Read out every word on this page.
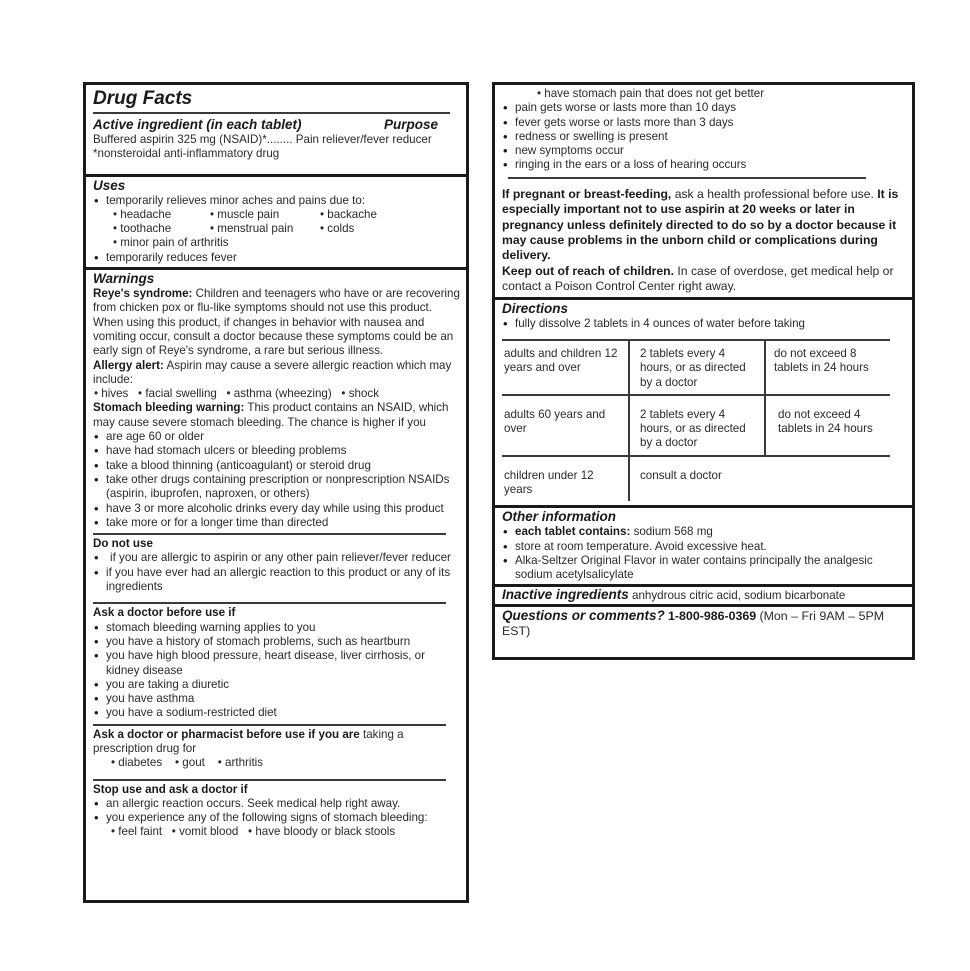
Drug Facts
Active ingredient (in each tablet)	Purpose
Buffered aspirin 325 mg (NSAID)*........ Pain reliever/fever reducer
*nonsteroidal anti-inflammatory drug
Uses
• temporarily relieves minor aches and pains due to:
• headache	• muscle pain	• backache
• toothache	• menstrual pain	• colds
• minor pain of arthritis
• temporarily reduces fever
Warnings
Reye's syndrome: Children and teenagers who have or are recovering from chicken pox or flu-like symptoms should not use this product. When using this product, if changes in behavior with nausea and vomiting occur, consult a doctor because these symptoms could be an early sign of Reye's syndrome, a rare but serious illness.
Allergy alert: Aspirin may cause a severe allergic reaction which may include:
• hives   • facial swelling   • asthma (wheezing)   • shock
Stomach bleeding warning: This product contains an NSAID, which may cause severe stomach bleeding. The chance is higher if you
• are age 60 or older
• have had stomach ulcers or bleeding problems
• take a blood thinning (anticoagulant) or steroid drug
• take other drugs containing prescription or nonprescription NSAIDs (aspirin, ibuprofen, naproxen, or others)
• have 3 or more alcoholic drinks every day while using this product
• take more or for a longer time than directed
Do not use
• if you are allergic to aspirin or any other pain reliever/fever reducer
• if you have ever had an allergic reaction to this product or any of its ingredients
Ask a doctor before use if
• stomach bleeding warning applies to you
• you have a history of stomach problems, such as heartburn
• you have high blood pressure, heart disease, liver cirrhosis, or kidney disease
• you are taking a diuretic
• you have asthma
• you have a sodium-restricted diet
Ask a doctor or pharmacist before use if you are taking a prescription drug for
• diabetes    • gout    • arthritis
Stop use and ask a doctor if
• an allergic reaction occurs. Seek medical help right away.
• you experience any of the following signs of stomach bleeding:
• feel faint   • vomit blood   • have bloody or black stools
• have stomach pain that does not get better
• pain gets worse or lasts more than 10 days
• fever gets worse or lasts more than 3 days
• redness or swelling is present
• new symptoms occur
• ringing in the ears or a loss of hearing occurs
If pregnant or breast-feeding, ask a health professional before use. It is especially important not to use aspirin at 20 weeks or later in pregnancy unless definitely directed to do so by a doctor because it may cause problems in the unborn child or complications during delivery.
Keep out of reach of children. In case of overdose, get medical help or contact a Poison Control Center right away.
Directions
• fully dissolve 2 tablets in 4 ounces of water before taking
adults and children 12 years and over	2 tablets every 4 hours, or as directed by a doctor	do not exceed 8 tablets in 24 hours
adults 60 years and over	2 tablets every 4 hours, or as directed by a doctor	do not exceed 4 tablets in 24 hours
children under 12 years	consult a doctor	
Other information
• each tablet contains: sodium 568 mg
• store at room temperature. Avoid excessive heat.
• Alka-Seltzer Original Flavor in water contains principally the analgesic sodium acetylsalicylate
Inactive ingredients anhydrous citric acid, sodium bicarbonate
Questions or comments? 1-800-986-0369 (Mon – Fri 9AM – 5PM EST)
